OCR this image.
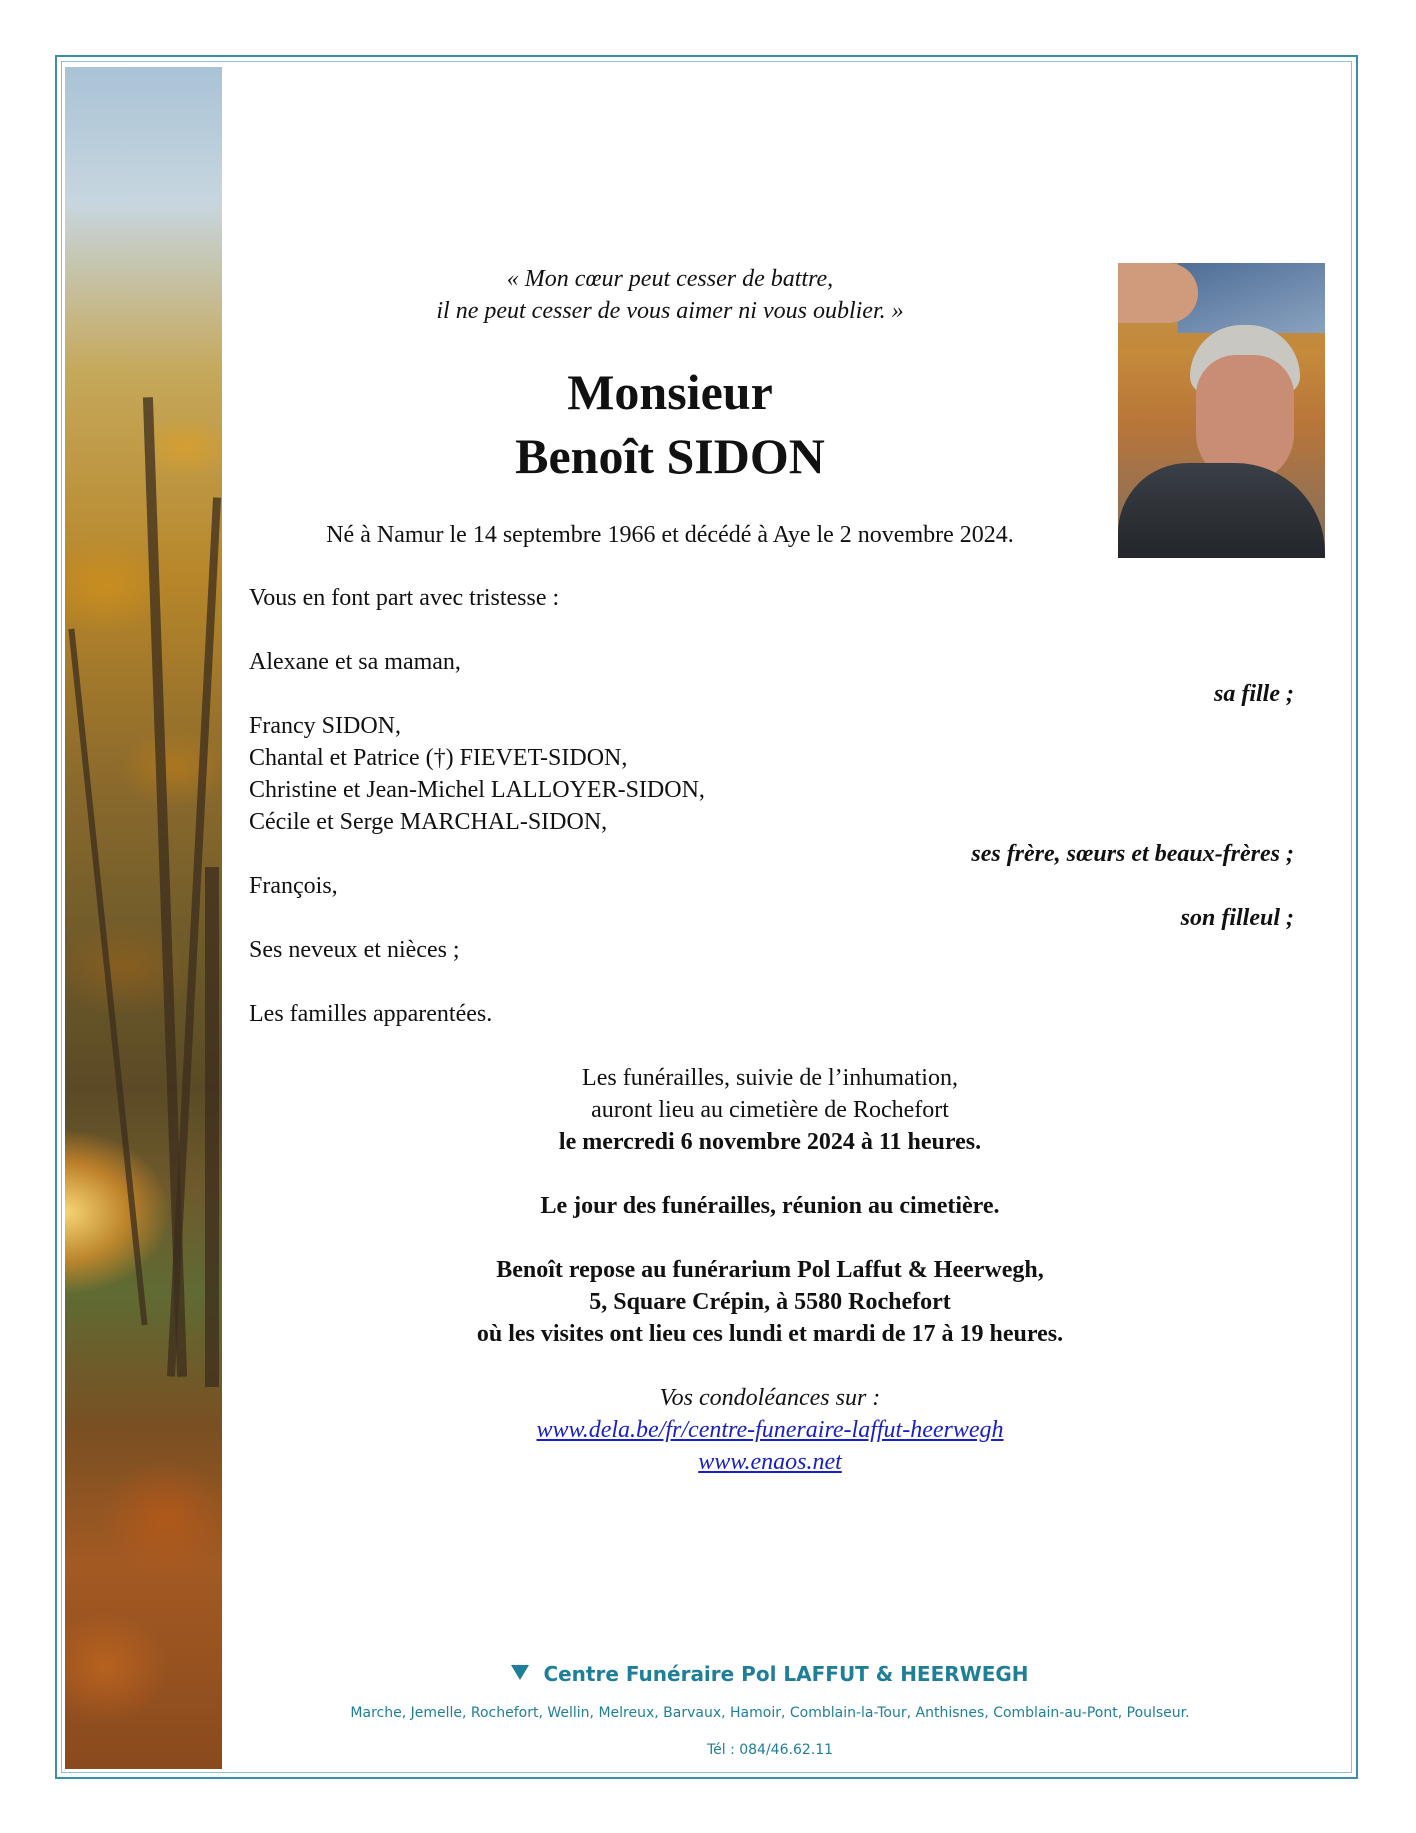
« Mon cœur peut cesser de battre,
il ne peut cesser de vous aimer ni vous oublier. »
Monsieur
Benoît SIDON
Né à Namur le 14 septembre 1966 et décédé à Aye le 2 novembre 2024.
Vous en font part avec tristesse :
Alexane et sa maman,
sa fille ;
Francy SIDON,
Chantal et Patrice (†) FIEVET-SIDON,
Christine et Jean-Michel LALLOYER-SIDON,
Cécile et Serge MARCHAL-SIDON,
ses frère, sœurs et beaux-frères ;
François,
son filleul ;
Ses neveux et nièces ;
Les familles apparentées.
Les funérailles, suivie de l’inhumation,
auront lieu au cimetière de Rochefort
le mercredi 6 novembre 2024 à 11 heures.
Le jour des funérailles, réunion au cimetière.
Benoît repose au funérarium Pol Laffut & Heerwegh,
5, Square Crépin, à 5580 Rochefort
où les visites ont lieu ces lundi et mardi de 17 à 19 heures.
Vos condoléances sur :
www.dela.be/fr/centre-funeraire-laffut-heerwegh
www.enaos.net
Centre Funéraire Pol LAFFUT & HEERWEGH
Marche, Jemelle, Rochefort, Wellin, Melreux, Barvaux, Hamoir, Comblain-la-Tour, Anthisnes, Comblain-au-Pont, Poulseur.
Tél : 084/46.62.11
